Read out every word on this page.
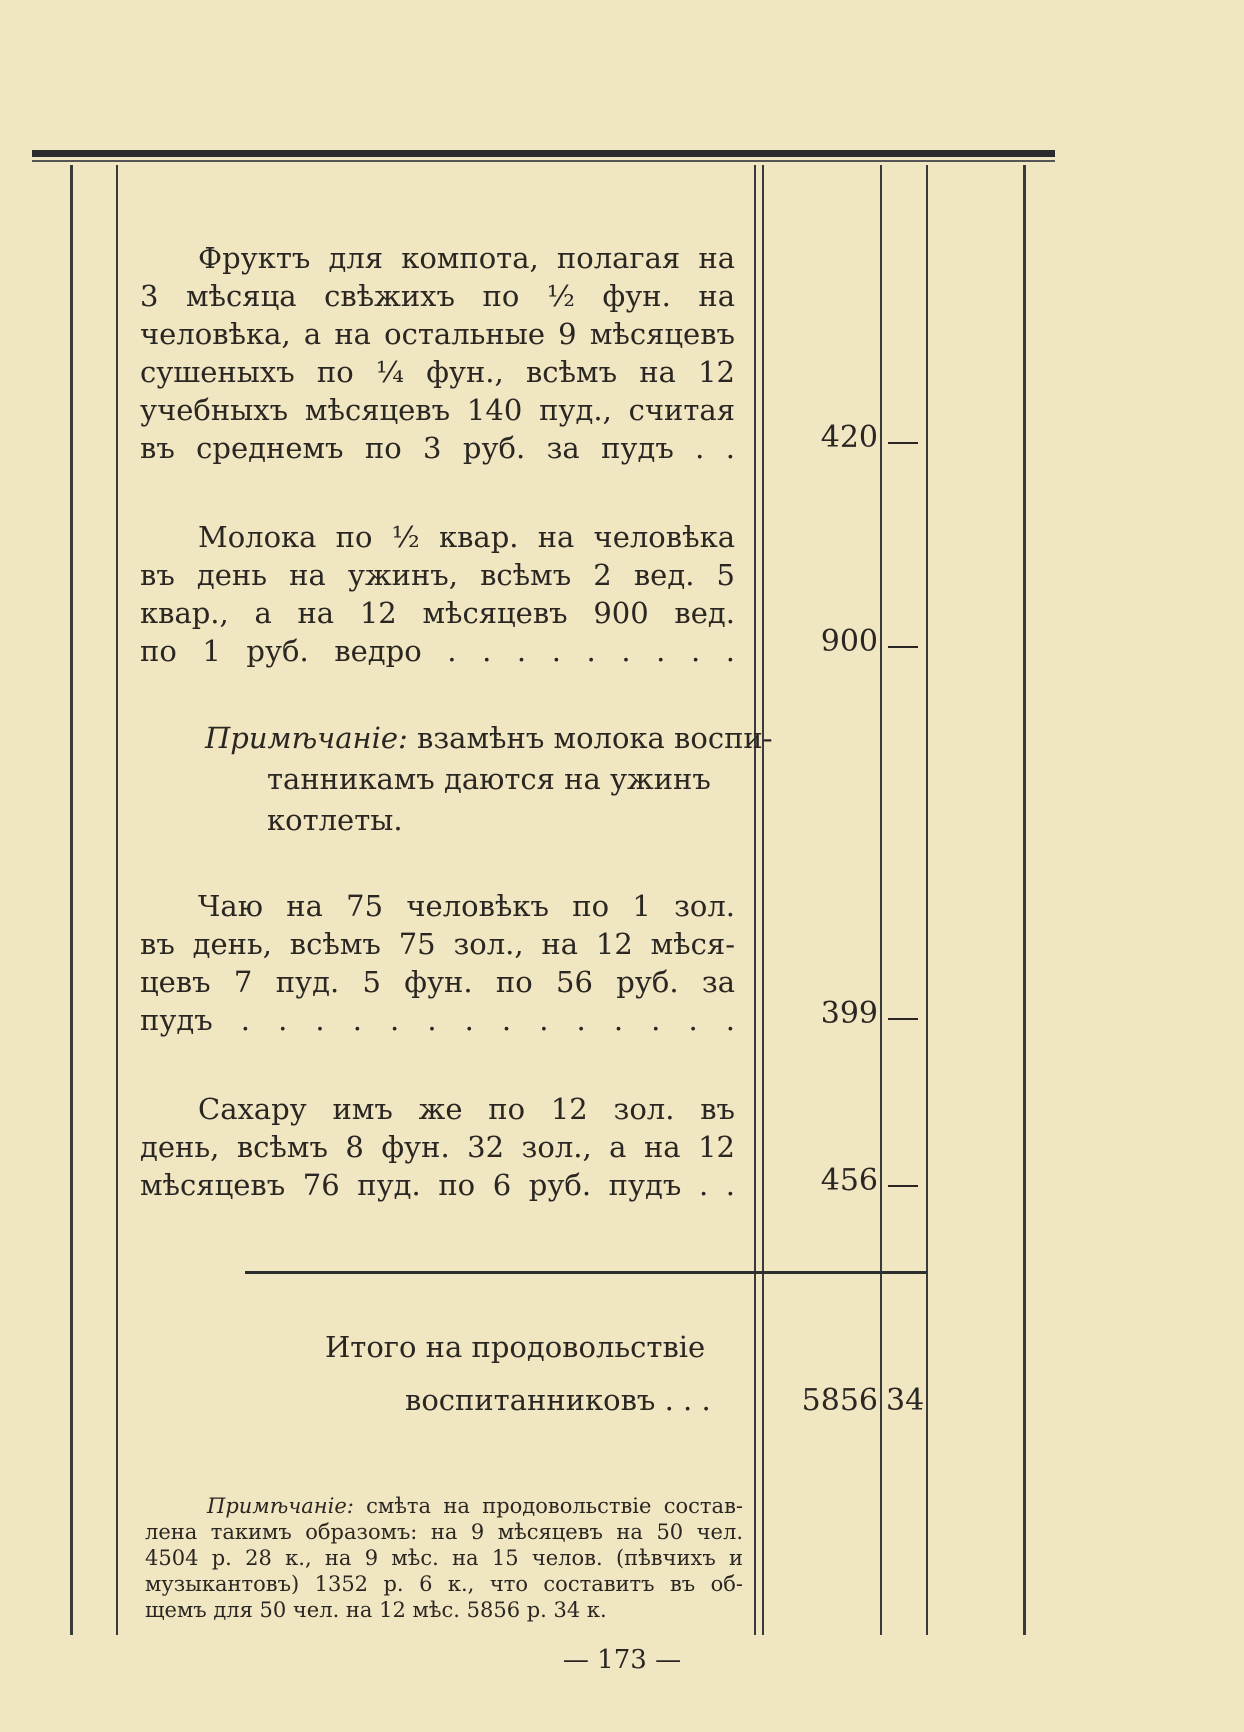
Фруктъ для компота, полагая на
3 мѣсяца свѣжихъ по ½ фун. на
человѣка, а на остальные 9 мѣсяцевъ
сушеныхъ по ¼ фун., всѣмъ на 12
учебныхъ мѣсяцевъ 140 пуд., считая
въ среднемъ по 3 руб. за пудъ . .	420
Молока по ½ квар. на человѣка
въ день на ужинъ, всѣмъ 2 вед. 5
квар., а на 12 мѣсяцевъ 900 вед.
по 1 руб. ведро . . . . . . . . .	900
Примѣчаніе: взамѣнъ молока воспи-
танникамъ даются на ужинъ
котлеты.
Чаю на 75 человѣкъ по 1 зол.
въ день, всѣмъ 75 зол., на 12 мѣся-
цевъ 7 пуд. 5 фун. по 56 руб. за
пудъ . . . . . . . . . . . . . .	399
Сахару имъ же по 12 зол. въ
день, всѣмъ 8 фун. 32 зол., а на 12
мѣсяцевъ 76 пуд. по 6 руб. пудъ . .	456
Итого на продовольствіе
воспитанниковъ . . .	5856 34
Примѣчаніе: смѣта на продовольствіе состав-
лена такимъ образомъ: на 9 мѣсяцевъ на 50 чел.
4504 р. 28 к., на 9 мѣс. на 15 челов. (пѣвчихъ и
музыкантовъ) 1352 р. 6 к., что составитъ въ об-
щемъ для 50 чел. на 12 мѣс. 5856 р. 34 к.
— 173 —
